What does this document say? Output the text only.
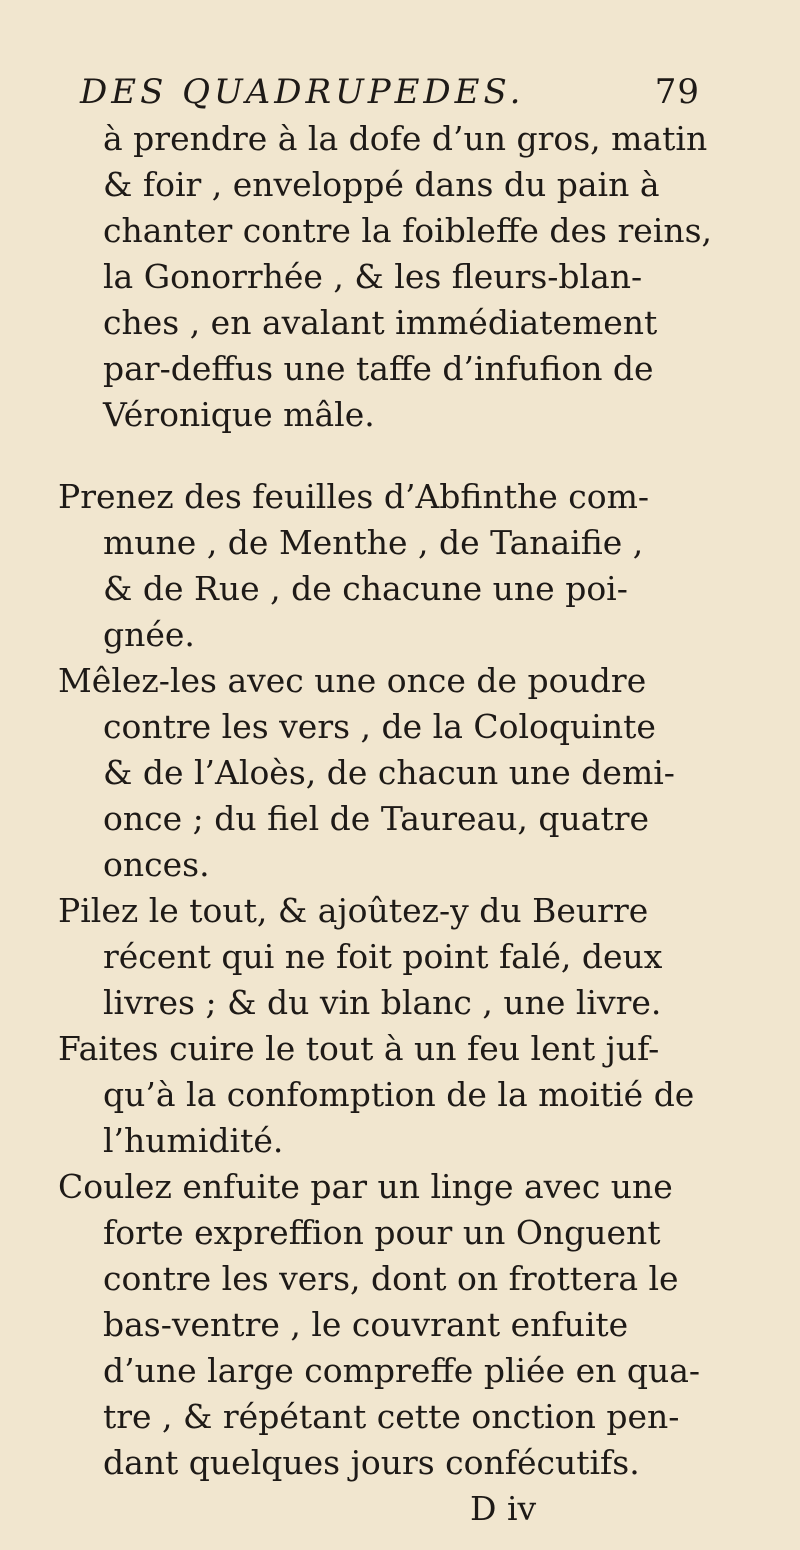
DES QUADRUPEDES.	79
à prendre à la dofe d’un gros, matin
& foir , enveloppé dans du pain à
chanter contre la foibleffe des reins,
la Gonorrhée , & les fleurs-blan-
ches , en avalant immédiatement
par-deffus une taffe d’infufion de
Véronique mâle.
Prenez des feuilles d’Abfinthe com-
mune , de Menthe , de Tanaifie ,
& de Rue , de chacune une poi-
gnée.
Mêlez-les avec une once de poudre
contre les vers , de la Coloquinte
& de l’Aloès, de chacun une demi-
once ; du fiel de Taureau, quatre
onces.
Pilez le tout, & ajoûtez-y du Beurre
récent qui ne foit point falé, deux
livres ; & du vin blanc , une livre.
Faites cuire le tout à un feu lent juf-
qu’à la confomption de la moitié de
l’humidité.
Coulez enfuite par un linge avec une
forte expreffion pour un Onguent
contre les vers, dont on frottera le
bas-ventre , le couvrant enfuite
d’une large compreffe pliée en qua-
tre , & répétant cette onction pen-
dant quelques jours confécutifs.
D iv
